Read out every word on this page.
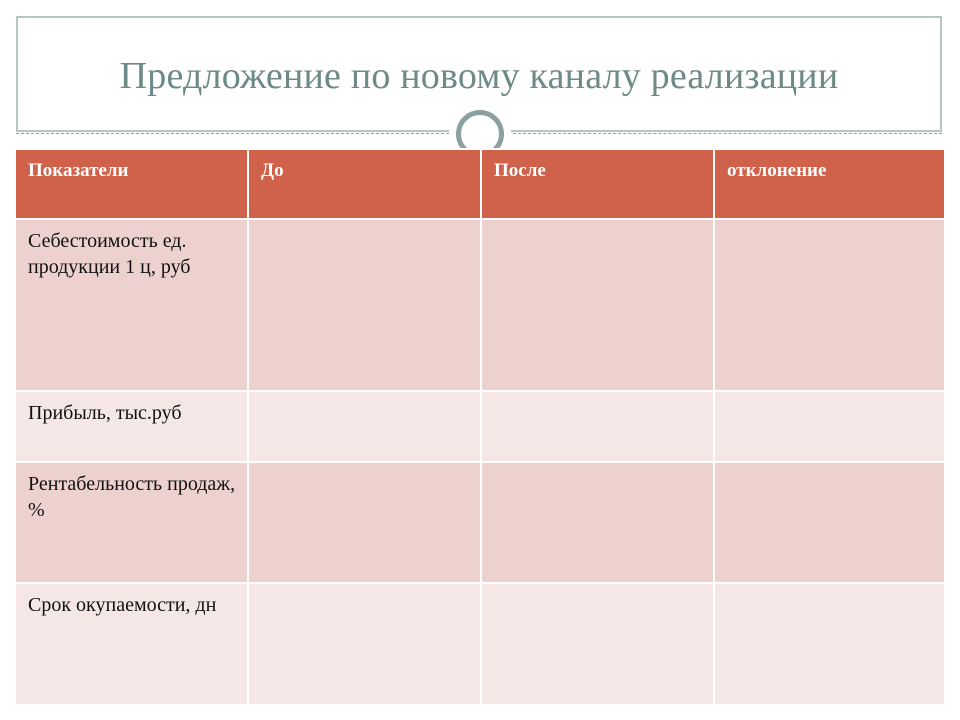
Предложение по новому каналу реализации
Показатели	До	После	отклонение
Себестоимость ед. продукции 1 ц, руб			
Прибыль, тыс.руб			
Рентабельность продаж, %			
Срок окупаемости, дн			
